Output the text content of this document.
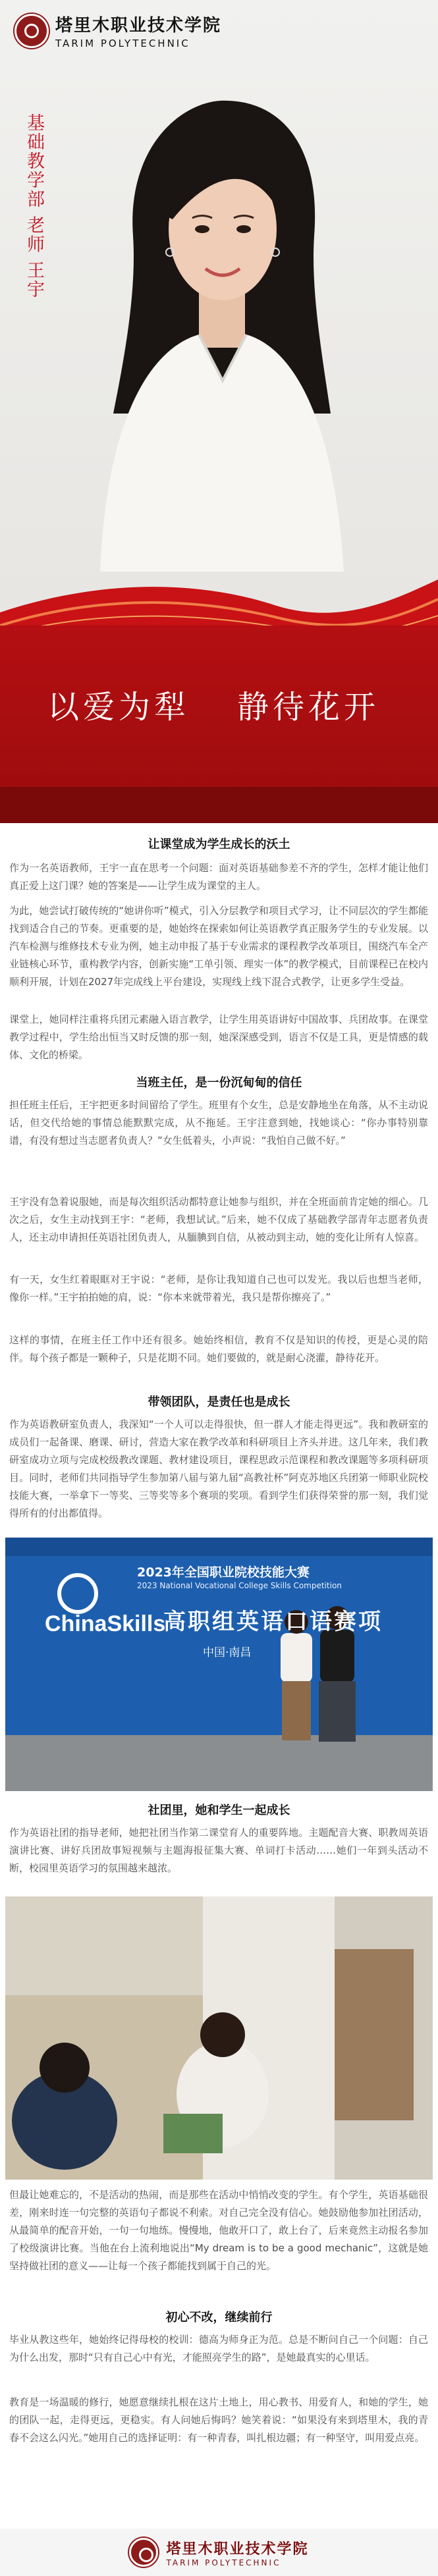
塔里木职业技术学院
TARIM POLYTECHNIC
基础教学部 老师 王宇
以爱为犁 静待花开
让课堂成为学生成长的沃土

作为一名英语教师，王宇一直在思考一个问题：面对英语基础参差不齐的学生，怎样才能让他们真正爱上这门课？她的答案是——让学生成为课堂的主人。

为此，她尝试打破传统的“她讲你听”模式，引入分层教学和项目式学习，让不同层次的学生都能找到适合自己的节奏。更重要的是，她始终在探索如何让英语教学真正服务学生的专业发展。以汽车检测与维修技术专业为例，她主动申报了基于专业需求的课程教学改革项目，围绕汽车全产业链核心环节，重构教学内容，创新实施“工单引领、理实一体”的教学模式，目前课程已在校内顺利开展，计划在2027年完成线上平台建设，实现线上线下混合式教学，让更多学生受益。

课堂上，她同样注重将兵团元素融入语言教学，让学生用英语讲好中国故事、兵团故事。在课堂教学过程中，学生给出恒当又时反馈的那一刻，她深深感受到，语言不仅是工具，更是情感的载体、文化的桥梁。

当班主任，是一份沉甸甸的信任

担任班主任后，王宇把更多时间留给了学生。班里有个女生，总是安静地坐在角落，从不主动说话，但交代给她的事情总能默默完成，从不拖延。王宇注意到她，找她谈心：“你办事特别靠谱，有没有想过当志愿者负责人？”女生低着头，小声说：“我怕自己做不好。”

王宇没有急着说服她，而是每次组织活动都特意让她参与组织，并在全班面前肯定她的细心。几次之后，女生主动找到王宇：“老师，我想试试。”后来，她不仅成了基础教学部青年志愿者负责人，还主动申请担任英语社团负责人，从腼腆到自信，从被动到主动，她的变化让所有人惊喜。

有一天，女生红着眼眶对王宇说：“老师，是你让我知道自己也可以发光。我以后也想当老师，像你一样。”王宇拍拍她的肩，说：“你本来就带着光，我只是帮你擦亮了。”

这样的事情，在班主任工作中还有很多。她始终相信，教育不仅是知识的传授，更是心灵的陪伴。每个孩子都是一颗种子，只是花期不同。她们要做的，就是耐心浇灌，静待花开。

带领团队，是责任也是成长

作为英语教研室负责人，我深知“一个人可以走得很快，但一群人才能走得更远”。我和教研室的成员们一起备课、磨课、研讨，营造大家在教学改革和科研项目上齐头并进。这几年来，我们教研室成功立项与完成校级教改课题、教材建设项目，课程思政示范课程和教改课题等多项科研项目。同时，老师们共同指导学生参加第八届与第九届“高教社杯”阿克苏地区兵团第一师职业院校技能大赛，一举拿下一等奖、三等奖等多个赛项的奖项。看到学生们获得荣誉的那一刻，我们觉得所有的付出都值得。

ChinaSkills
2023年全国职业院校技能大赛
2023 National Vocational College Skills Competition
高职组英语口语赛项
中国·南昌
社团里，她和学生一起成长

作为英语社团的指导老师，她把社团当作第二课堂育人的重要阵地。主题配音大赛、职教周英语演讲比赛、讲好兵团故事短视频与主题海报征集大赛、单词打卡活动……她们一年到头活动不断，校园里英语学习的氛围越来越浓。

但最让她难忘的，不是活动的热闹，而是那些在活动中悄悄改变的学生。有个学生，英语基础很差，刚来时连一句完整的英语句子都说不利索。对自己完全没有信心。她鼓励他参加社团活动，从最简单的配音开始，一句一句地练。慢慢地，他敢开口了，敢上台了，后来竟然主动报名参加了校级演讲比赛。当他在台上流利地说出“My dream is to be a good mechanic”，这就是她坚持做社团的意义——让每一个孩子都能找到属于自己的光。

初心不改，继续前行

毕业从教这些年，她始终记得母校的校训：德高为师身正为范。总是不断问自己一个问题：自己为什么出发，那时“只有自己心中有光，才能照亮学生的路”，是她最真实的心里话。

教育是一场温暖的修行，她愿意继续扎根在这片土地上，用心教书、用爱育人，和她的学生，她的团队一起，走得更远，更稳实。有人问她后悔吗？她笑着说：“如果没有来到塔里木，我的青春不会这么闪光。”她用自己的选择证明：有一种青春，叫扎根边疆；有一种坚守，叫用爱点亮。

塔里木职业技术学院
TARIM POLYTECHNIC
